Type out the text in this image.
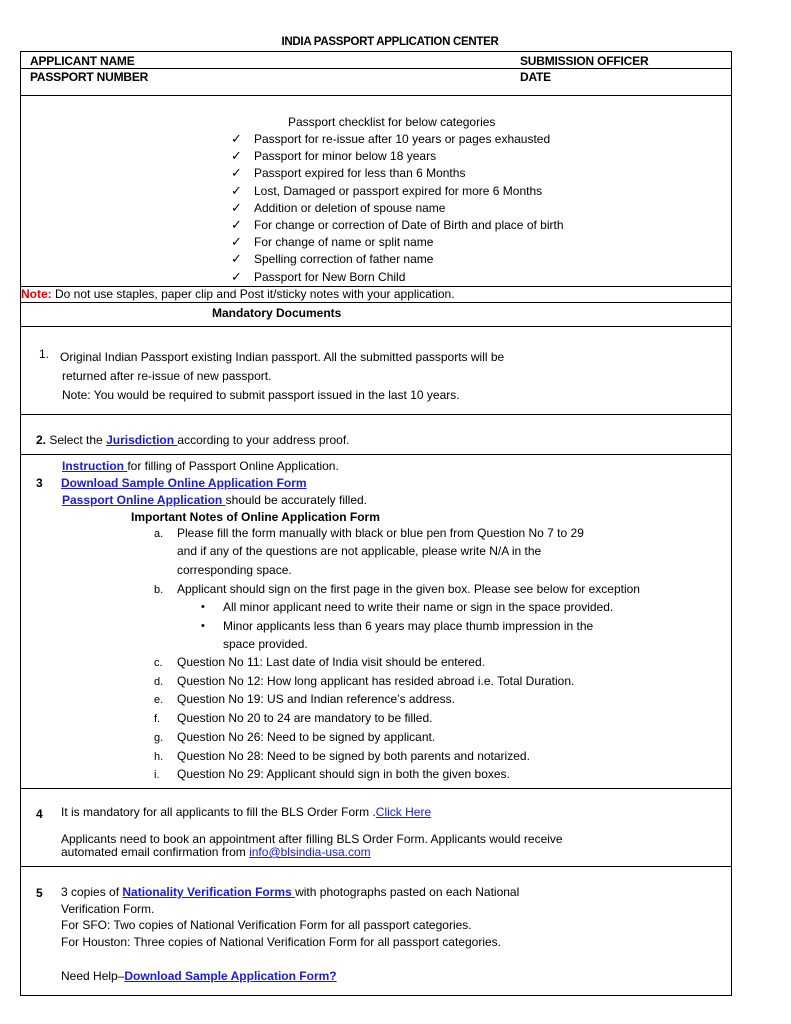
INDIA PASSPORT APPLICATION CENTER
APPLICANT NAME	SUBMISSION OFFICER
PASSPORT NUMBER	DATE
Passport checklist for below categories
✓ Passport for re-issue after 10 years or pages exhausted
✓ Passport for minor below 18 years
✓ Passport expired for less than 6 Months
✓ Lost, Damaged or passport expired for more 6 Months
✓ Addition or deletion of spouse name
✓ For change or correction of Date of Birth and place of birth
✓ For change of name or split name
✓ Spelling correction of father name
✓ Passport for New Born Child
Note: Do not use staples, paper clip and Post it/sticky notes with your application.
Mandatory Documents
1. Original Indian Passport existing Indian passport. All the submitted passports will be
returned after re-issue of new passport.
Note: You would be required to submit passport issued in the last 10 years.
2. Select the Jurisdiction according to your address proof.
Instruction for filling of Passport Online Application.
3 Download Sample Online Application Form
Passport Online Application should be accurately filled.
Important Notes of Online Application Form
a. Please fill the form manually with black or blue pen from Question No 7 to 29
and if any of the questions are not applicable, please write N/A in the
corresponding space.
b. Applicant should sign on the first page in the given box. Please see below for exception
• All minor applicant need to write their name or sign in the space provided.
• Minor applicants less than 6 years may place thumb impression in the
space provided.
c. Question No 11: Last date of India visit should be entered.
d. Question No 12: How long applicant has resided abroad i.e. Total Duration.
e. Question No 19: US and Indian reference’s address.
f. Question No 20 to 24 are mandatory to be filled.
g. Question No 26: Need to be signed by applicant.
h. Question No 28: Need to be signed by both parents and notarized.
i. Question No 29: Applicant should sign in both the given boxes.
4 It is mandatory for all applicants to fill the BLS Order Form .Click Here
Applicants need to book an appointment after filling BLS Order Form. Applicants would receive
automated email confirmation from info@blsindia-usa.com
5 3 copies of Nationality Verification Forms with photographs pasted on each National
Verification Form.
For SFO: Two copies of National Verification Form for all passport categories.
For Houston: Three copies of National Verification Form for all passport categories.
Need Help–Download Sample Application Form?
